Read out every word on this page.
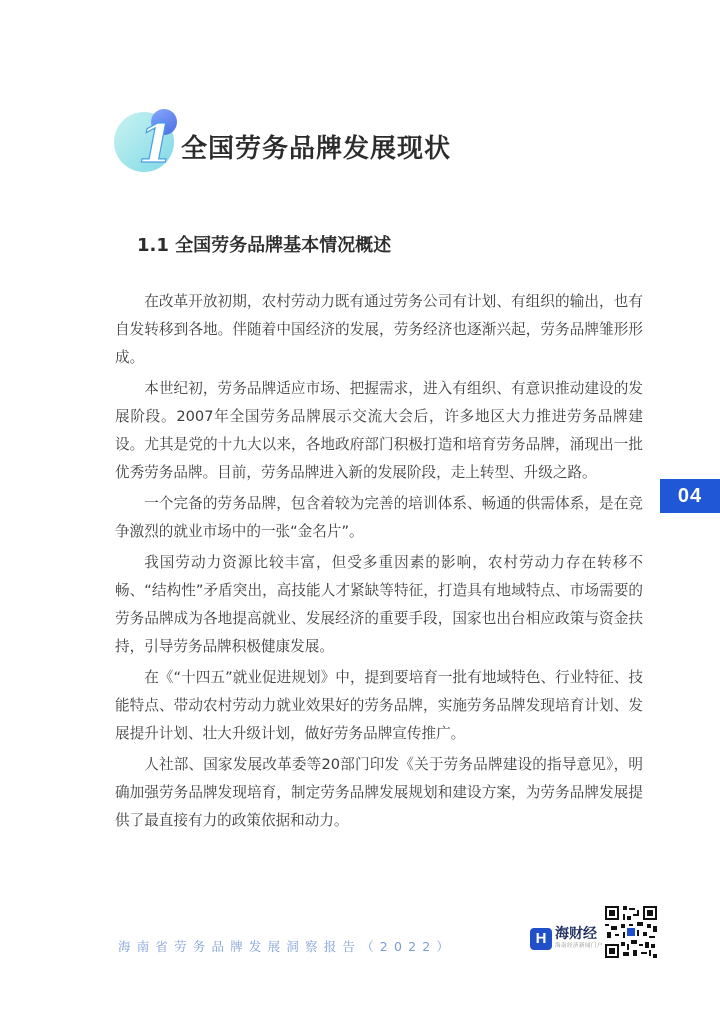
1 全国劳务品牌发展现状
1.1 全国劳务品牌基本情况概述

在改革开放初期，农村劳动力既有通过劳务公司有计划、有组织的输出，也有自发转移到各地。伴随着中国经济的发展，劳务经济也逐渐兴起，劳务品牌雏形形成。

本世纪初，劳务品牌适应市场、把握需求，进入有组织、有意识推动建设的发展阶段。2007年全国劳务品牌展示交流大会后，许多地区大力推进劳务品牌建设。尤其是党的十九大以来，各地政府部门积极打造和培育劳务品牌，涌现出一批优秀劳务品牌。目前，劳务品牌进入新的发展阶段，走上转型、升级之路。

一个完备的劳务品牌，包含着较为完善的培训体系、畅通的供需体系，是在竞争激烈的就业市场中的一张“金名片”。

我国劳动力资源比较丰富，但受多重因素的影响，农村劳动力存在转移不畅、“结构性”矛盾突出，高技能人才紧缺等特征，打造具有地域特点、市场需要的劳务品牌成为各地提高就业、发展经济的重要手段，国家也出台相应政策与资金扶持，引导劳务品牌积极健康发展。

在《“十四五”就业促进规划》中，提到要培育一批有地域特色、行业特征、技能特点、带动农村劳动力就业效果好的劳务品牌，实施劳务品牌发现培育计划、发展提升计划、壮大升级计划，做好劳务品牌宣传推广。

人社部、国家发展改革委等20部门印发《关于劳务品牌建设的指导意见》，明确加强劳务品牌发现培育，制定劳务品牌发展规划和建设方案，为劳务品牌发展提供了最直接有力的政策依据和动力。

04
海南省劳务品牌发展洞察报告（2022）	H 海财经
海南经济新闻门户
